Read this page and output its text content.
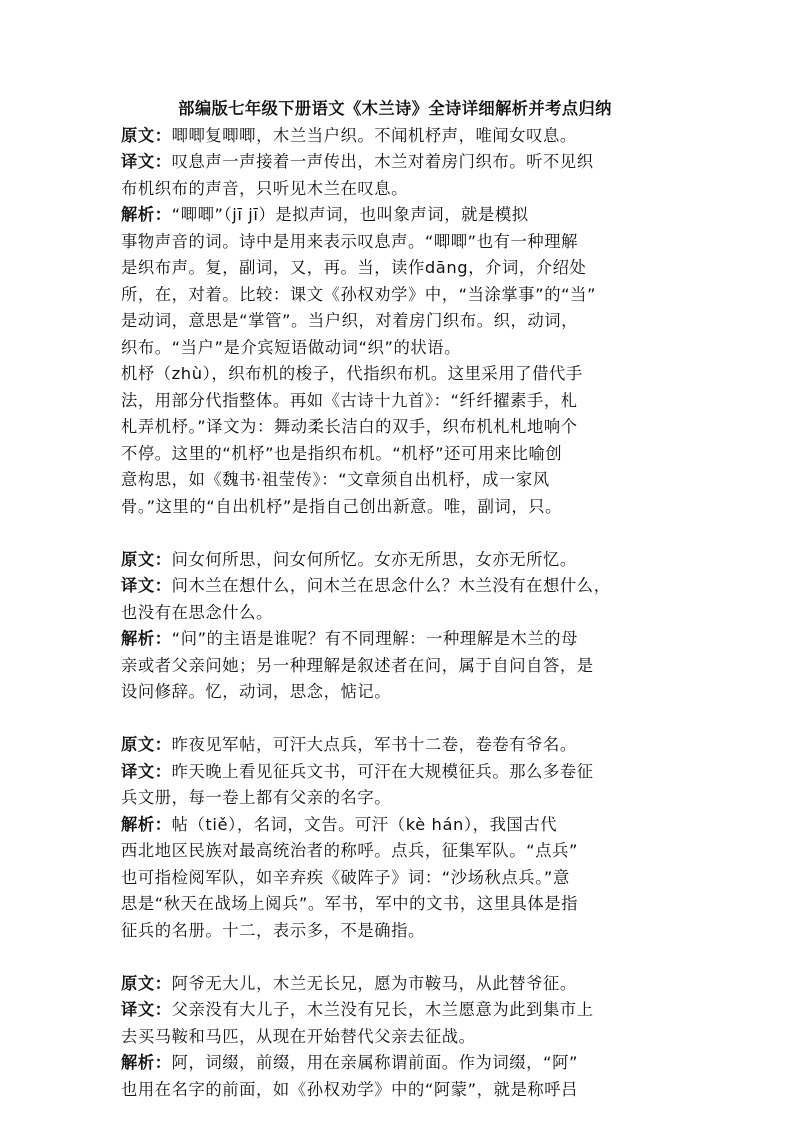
部编版七年级下册语文《木兰诗》全诗详细解析并考点归纳

原文：唧唧复唧唧，木兰当户织。不闻机杼声，唯闻女叹息。

译文：叹息声一声接着一声传出，木兰对着房门织布。听不见织

布机织布的声音，只听见木兰在叹息。

解析：“唧唧”（jī jī）是拟声词，也叫象声词，就是模拟

事物声音的词。诗中是用来表示叹息声。“唧唧”也有一种理解

是织布声。复，副词，又，再。当，读作dāng，介词，介绍处

所，在，对着。比较：课文《孙权劝学》中，“当涂掌事”的“当”

是动词，意思是“掌管”。当户织，对着房门织布。织，动词，

织布。“当户”是介宾短语做动词“织”的状语。

机杼（zhù），织布机的梭子，代指织布机。这里采用了借代手

法，用部分代指整体。再如《古诗十九首》：“纤纤擢素手，札

札弄机杼。”译文为：舞动柔长洁白的双手，织布机札札地响个

不停。这里的“机杼”也是指织布机。“机杼”还可用来比喻创

意构思，如《魏书·祖莹传》：“文章须自出机杼，成一家风

骨。”这里的“自出机杼”是指自己创出新意。唯，副词，只。

原文：问女何所思，问女何所忆。女亦无所思，女亦无所忆。

译文：问木兰在想什么，问木兰在思念什么？木兰没有在想什么，

也没有在思念什么。

解析：“问”的主语是谁呢？有不同理解：一种理解是木兰的母

亲或者父亲问她；另一种理解是叙述者在问，属于自问自答，是

设问修辞。忆，动词，思念，惦记。

原文：昨夜见军帖，可汗大点兵，军书十二卷，卷卷有爷名。

译文：昨天晚上看见征兵文书，可汗在大规模征兵。那么多卷征

兵文册，每一卷上都有父亲的名字。

解析：帖（tiě），名词，文告。可汗（kè hán），我国古代

西北地区民族对最高统治者的称呼。点兵，征集军队。“点兵”

也可指检阅军队，如辛弃疾《破阵子》词：“沙场秋点兵。”意

思是“秋天在战场上阅兵”。军书，军中的文书，这里具体是指

征兵的名册。十二，表示多，不是确指。

原文：阿爷无大儿，木兰无长兄，愿为市鞍马，从此替爷征。

译文：父亲没有大儿子，木兰没有兄长，木兰愿意为此到集市上

去买马鞍和马匹，从现在开始替代父亲去征战。

解析：阿，词缀，前缀，用在亲属称谓前面。作为词缀，“阿”

也用在名字的前面，如《孙权劝学》中的“阿蒙”，就是称呼吕
